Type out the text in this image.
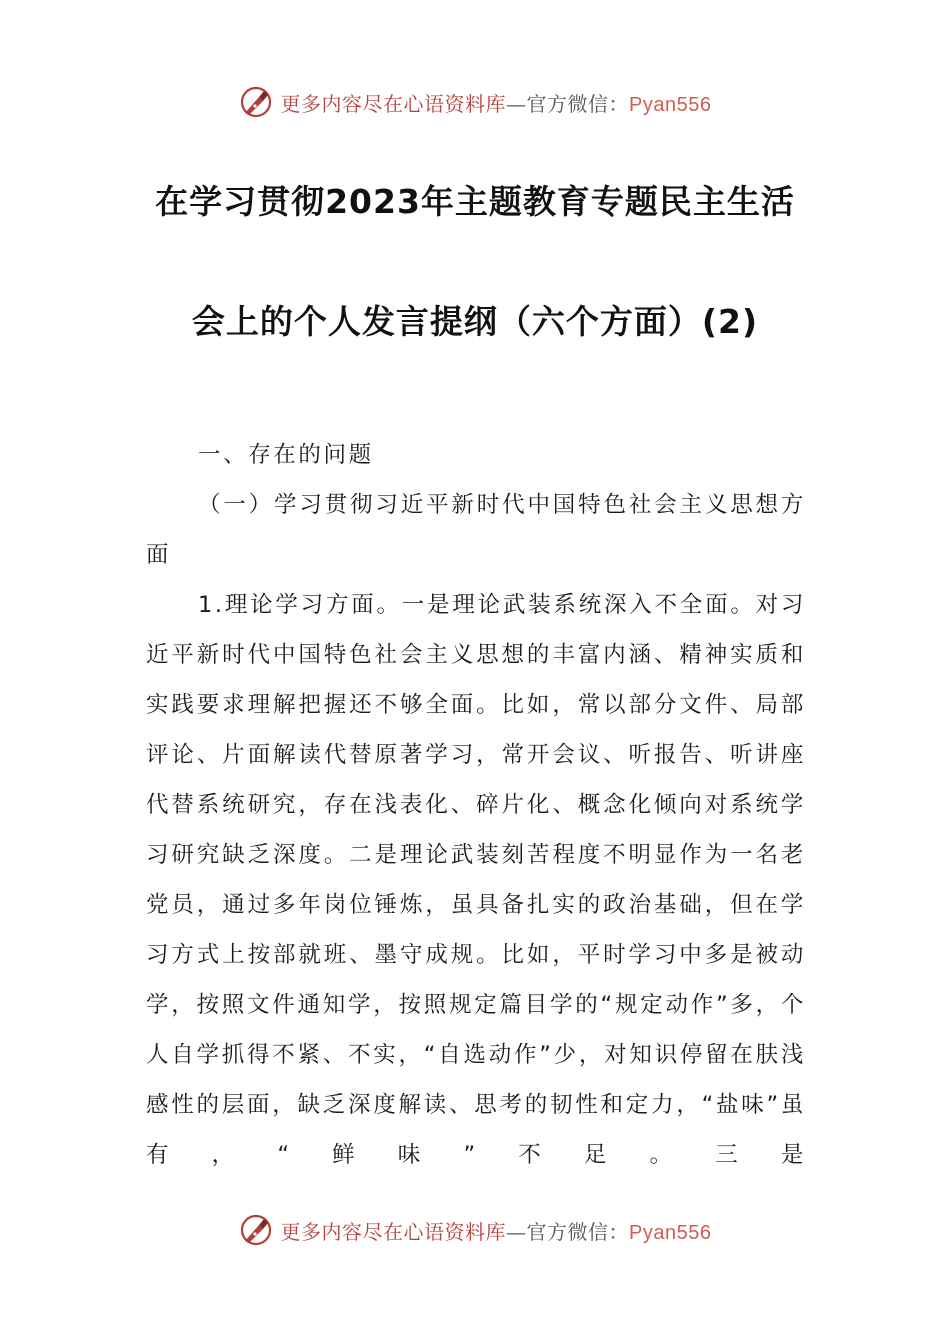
更多内容尽在心语资料库—官方微信：Pyan556
在学习贯彻2023年主题教育专题民主生活
会上的个人发言提纲（六个方面）(2)
一、存在的问题
（一）学习贯彻习近平新时代中国特色社会主义思想方面
1.理论学习方面。一是理论武装系统深入不全面。对习近平新时代中国特色社会主义思想的丰富内涵、精神实质和实践要求理解把握还不够全面。比如，常以部分文件、局部评论、片面解读代替原著学习，常开会议、听报告、听讲座代替系统研究，存在浅表化、碎片化、概念化倾向对系统学习研究缺乏深度。二是理论武装刻苦程度不明显作为一名老党员，通过多年岗位锤炼，虽具备扎实的政治基础，但在学习方式上按部就班、墨守成规。比如，平时学习中多是被动学，按照文件通知学，按照规定篇目学的“规定动作”多，个人自学抓得不紧、不实，“自选动作”少，对知识停留在肤浅感性的层面，缺乏深度解读、思考的韧性和定力，“盐味”虽有，“鲜味”不足。三是
更多内容尽在心语资料库—官方微信：Pyan556
